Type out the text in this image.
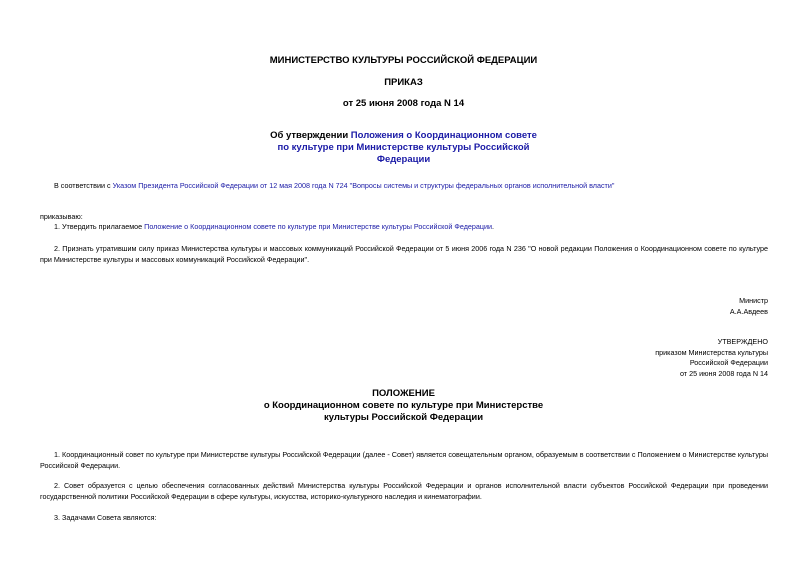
МИНИСТЕРСТВО КУЛЬТУРЫ РОССИЙСКОЙ ФЕДЕРАЦИИ
ПРИКАЗ
от 25 июня 2008 года N 14
Об утверждении Положения о Координационном совете
по культуре при Министерстве культуры Российской
Федерации
В соответствии с Указом Президента Российской Федерации от 12 мая 2008 года N 724 "Вопросы системы и структуры федеральных органов исполнительной власти"
приказываю:
1. Утвердить прилагаемое Положение о Координационном совете по культуре при Министерстве культуры Российской Федерации.
2. Признать утратившим силу приказ Министерства культуры и массовых коммуникаций Российской Федерации от 5 июня 2006 года N 236 "О новой редакции Положения о Координационном совете по культуре при Министерстве культуры и массовых коммуникаций Российской Федерации".
Министр
А.А.Авдеев
УТВЕРЖДЕНО
приказом Министерства культуры
Российской Федерации
от 25 июня 2008 года N 14
ПОЛОЖЕНИЕ
о Координационном совете по культуре при Министерстве
культуры Российской Федерации
1. Координационный совет по культуре при Министерстве культуры Российской Федерации (далее - Совет) является совещательным органом, образуемым в соответствии с Положением о Министерстве культуры Российской Федерации.
2. Совет образуется с целью обеспечения согласованных действий Министерства культуры Российской Федерации и органов исполнительной власти субъектов Российской Федерации при проведении государственной политики Российской Федерации в сфере культуры, искусства, историко-культурного наследия и кинематографии.
3. Задачами Совета являются:
